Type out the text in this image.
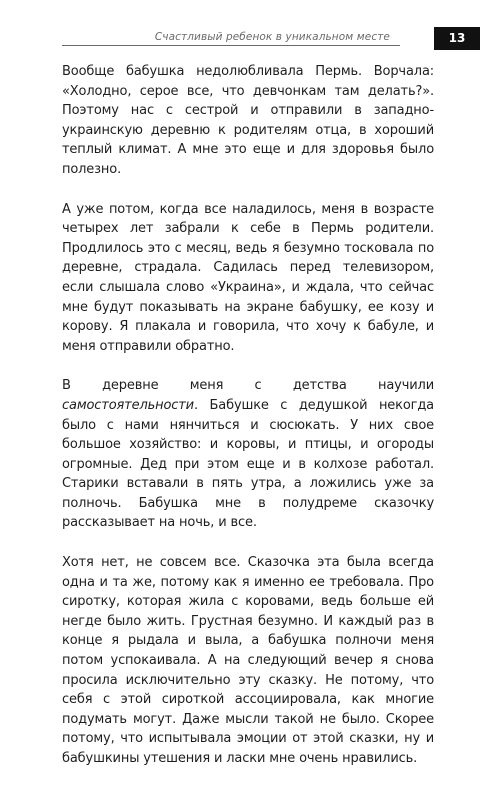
Счастливый ребенок в уникальном месте	13

Вообще бабушка недолюбливала Пермь. Ворчала: «Холодно, серое все, что девчонкам там делать?». Поэтому нас с сестрой и отправили в западно-украинскую деревню к родителям отца, в хороший теплый климат. А мне это еще и для здоровья было полезно.

А уже потом, когда все наладилось, меня в возрасте четырех лет забрали к себе в Пермь родители. Продлилось это с месяц, ведь я безумно тосковала по деревне, страдала. Садилась перед телевизором, если слышала слово «Украина», и ждала, что сейчас мне будут показывать на экране бабушку, ее козу и корову. Я плакала и говорила, что хочу к бабуле, и меня отправили обратно.

В деревне меня с детства научили самостоятельности. Бабушке с дедушкой некогда было с нами нянчиться и сюсюкать. У них свое большое хозяйство: и коровы, и птицы, и огороды огромные. Дед при этом еще и в колхозе работал. Старики вставали в пять утра, а ложились уже за полночь. Бабушка мне в полудреме сказочку рассказывает на ночь, и все.

Хотя нет, не совсем все. Сказочка эта была всегда одна и та же, потому как я именно ее требовала. Про сиротку, которая жила с коровами, ведь больше ей негде было жить. Грустная безумно. И каждый раз в конце я рыдала и выла, а бабушка полночи меня потом успокаивала. А на следующий вечер я снова просила исключительно эту сказку. Не потому, что себя с этой сироткой ассоциировала, как многие подумать могут. Даже мысли такой не было. Скорее потому, что испытывала эмоции от этой сказки, ну и бабушкины утешения и ласки мне очень нравились.
